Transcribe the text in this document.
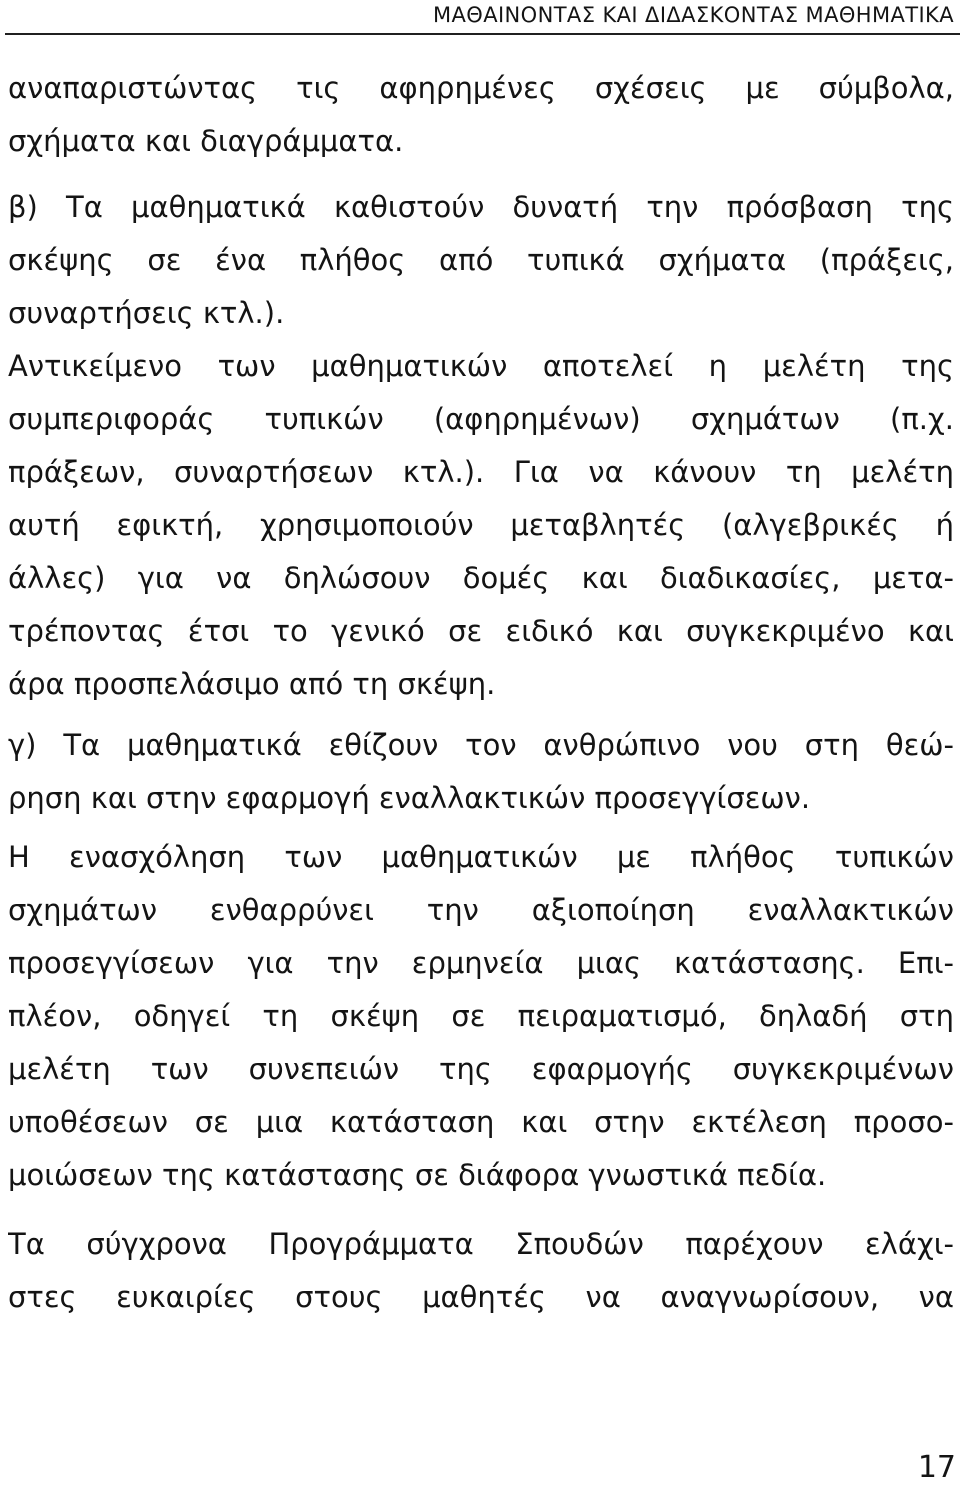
ΜΑΘΑΙΝΟΝΤΑΣ ΚΑΙ ΔΙΔΑΣΚΟΝΤΑΣ ΜΑΘΗΜΑΤΙΚΑ
αναπαριστώντας τις αφηρημένες σχέσεις με σύμβολα,
σχήματα και διαγράμματα.
β) Τα μαθηματικά καθιστούν δυνατή την πρόσβαση της
σκέψης σε ένα πλήθος από τυπικά σχήματα (πράξεις,
συναρτήσεις κτλ.).
Αντικείμενο των μαθηματικών αποτελεί η μελέτη της
συμπεριφοράς τυπικών (αφηρημένων) σχημάτων (π.χ.
πράξεων, συναρτήσεων κτλ.). Για να κάνουν τη μελέτη
αυτή εφικτή, χρησιμοποιούν μεταβλητές (αλγεβρικές ή
άλλες) για να δηλώσουν δομές και διαδικασίες, μετα-
τρέποντας έτσι το γενικό σε ειδικό και συγκεκριμένο και
άρα προσπελάσιμο από τη σκέψη.
γ) Τα μαθηματικά εθίζουν τον ανθρώπινο νου στη θεώ-
ρηση και στην εφαρμογή εναλλακτικών προσεγγίσεων.
Η ενασχόληση των μαθηματικών με πλήθος τυπικών
σχημάτων ενθαρρύνει την αξιοποίηση εναλλακτικών
προσεγγίσεων για την ερμηνεία μιας κατάστασης. Επι-
πλέον, οδηγεί τη σκέψη σε πειραματισμό, δηλαδή στη
μελέτη των συνεπειών της εφαρμογής συγκεκριμένων
υποθέσεων σε μια κατάσταση και στην εκτέλεση προσο-
μοιώσεων της κατάστασης σε διάφορα γνωστικά πεδία.
Τα σύγχρονα Προγράμματα Σπουδών παρέχουν ελάχι-
στες ευκαιρίες στους μαθητές να αναγνωρίσουν, να
17
